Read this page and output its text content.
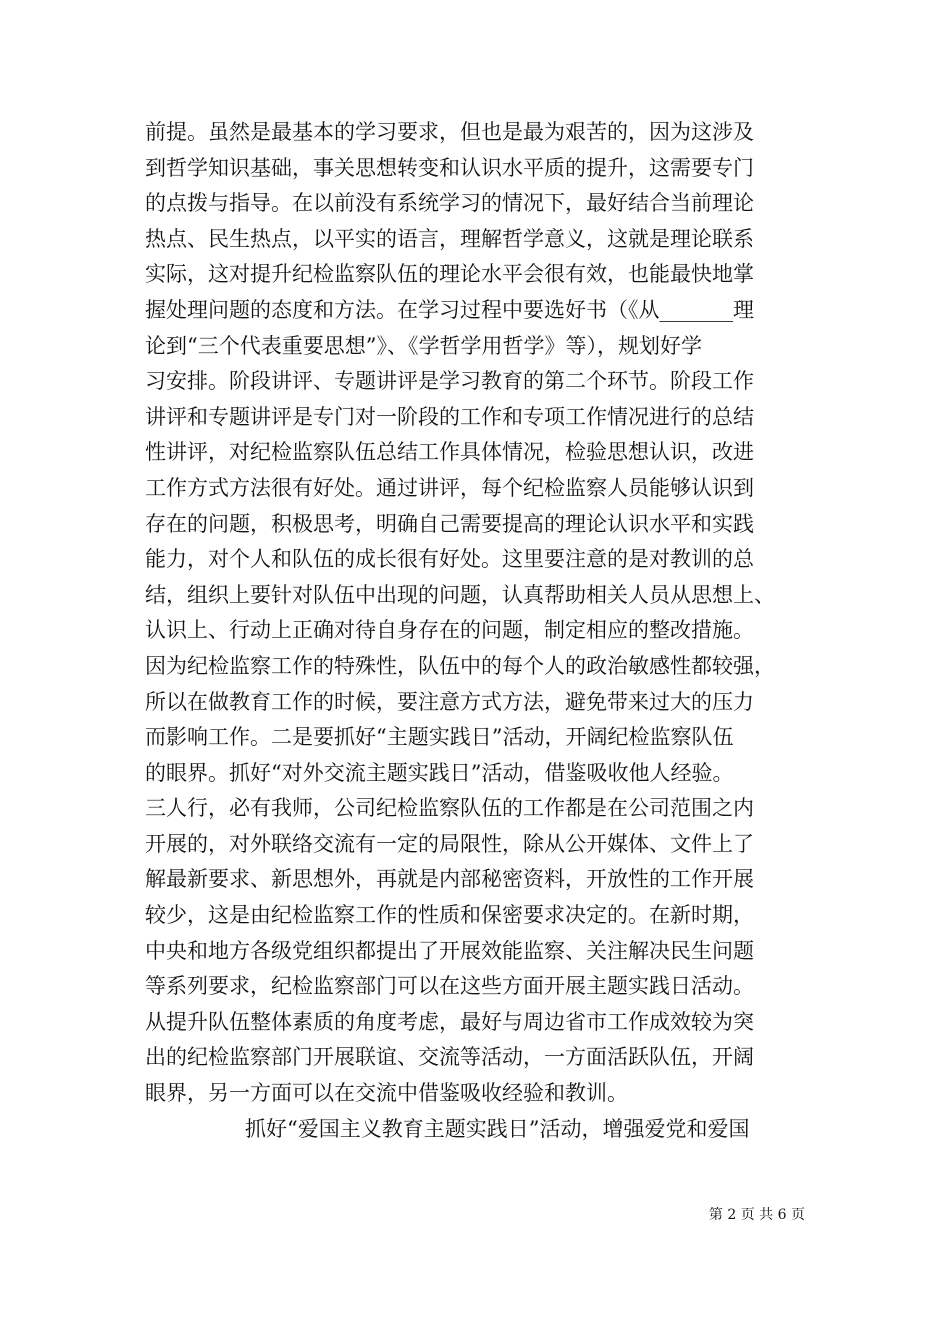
前提。虽然是最基本的学习要求，但也是最为艰苦的，因为这涉及
到哲学知识基础，事关思想转变和认识水平质的提升，这需要专门
的点拨与指导。在以前没有系统学习的情况下，最好结合当前理论
热点、民生热点，以平实的语言，理解哲学意义，这就是理论联系
实际，这对提升纪检监察队伍的理论水平会很有效，也能最快地掌
握处理问题的态度和方法。在学习过程中要选好书（《从_______理
论到“三个代表重要思想”》、《学哲学用哲学》等），规划好学
习安排。阶段讲评、专题讲评是学习教育的第二个环节。阶段工作
讲评和专题讲评是专门对一阶段的工作和专项工作情况进行的总结
性讲评，对纪检监察队伍总结工作具体情况，检验思想认识，改进
工作方式方法很有好处。通过讲评，每个纪检监察人员能够认识到
存在的问题，积极思考，明确自己需要提高的理论认识水平和实践
能力，对个人和队伍的成长很有好处。这里要注意的是对教训的总
结，组织上要针对队伍中出现的问题，认真帮助相关人员从思想上、
认识上、行动上正确对待自身存在的问题，制定相应的整改措施。
因为纪检监察工作的特殊性，队伍中的每个人的政治敏感性都较强，
所以在做教育工作的时候，要注意方式方法，避免带来过大的压力
而影响工作。二是要抓好“主题实践日”活动，开阔纪检监察队伍
的眼界。抓好“对外交流主题实践日”活动，借鉴吸收他人经验。
三人行，必有我师，公司纪检监察队伍的工作都是在公司范围之内
开展的，对外联络交流有一定的局限性，除从公开媒体、文件上了
解最新要求、新思想外，再就是内部秘密资料，开放性的工作开展
较少，这是由纪检监察工作的性质和保密要求决定的。在新时期，
中央和地方各级党组织都提出了开展效能监察、关注解决民生问题
等系列要求，纪检监察部门可以在这些方面开展主题实践日活动。
从提升队伍整体素质的角度考虑，最好与周边省市工作成效较为突
出的纪检监察部门开展联谊、交流等活动，一方面活跃队伍，开阔
眼界，另一方面可以在交流中借鉴吸收经验和教训。
抓好“爱国主义教育主题实践日”活动，增强爱党和爱国
第 2 页 共 6 页
